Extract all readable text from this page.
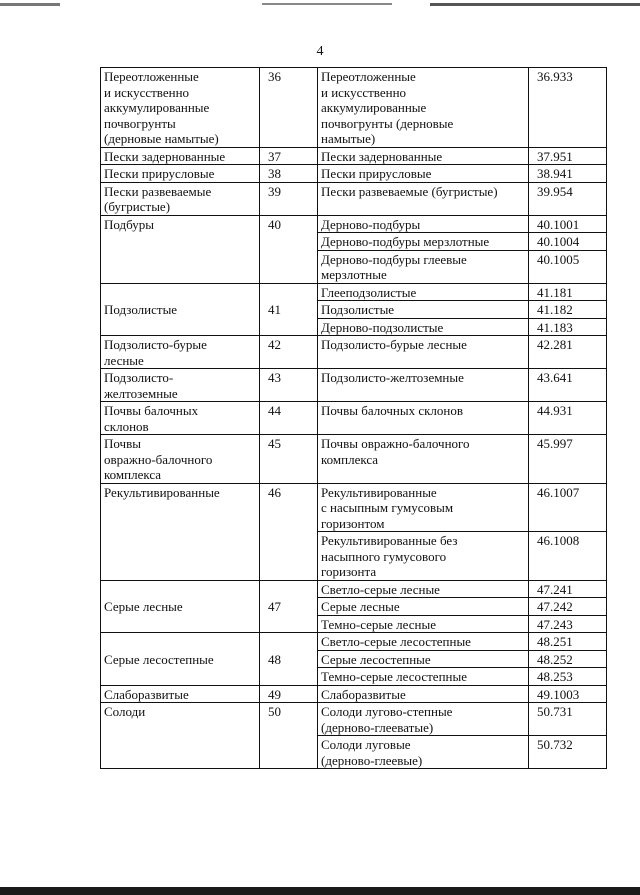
4
Переотложенные
и искусственно
аккумулированные
почвогрунты
(дерновые намытые)	36	Переотложенные
и искусственно
аккумулированные
почвогрунты (дерновые
намытые)	36.933
Пески задернованные	37	Пески задернованные	37.951
Пески прирусловые	38	Пески прирусловые	38.941
Пески развеваемые
(бугристые)	39	Пески развеваемые (бугристые)	39.954
Подбуры	40	Дерново-подбуры	40.1001
		Дерново-подбуры мерзлотные	40.1004
		Дерново-подбуры глеевые
мерзлотные	40.1005
Подзолистые	41	Глееподзолистые	41.181
		Подзолистые	41.182
		Дерново-подзолистые	41.183
Подзолисто-бурые
лесные	42	Подзолисто-бурые лесные	42.281
Подзолисто-
желтоземные	43	Подзолисто-желтоземные	43.641
Почвы балочных
склонов	44	Почвы балочных склонов	44.931
Почвы
овражно-балочного
комплекса	45	Почвы овражно-балочного
комплекса	45.997
Рекультивированные	46	Рекультивированные
с насыпным гумусовым
горизонтом	46.1007
		Рекультивированные без
насыпного гумусового
горизонта	46.1008
Серые лесные	47	Светло-серые лесные	47.241
		Серые лесные	47.242
		Темно-серые лесные	47.243
Серые лесостепные	48	Светло-серые лесостепные	48.251
		Серые лесостепные	48.252
		Темно-серые лесостепные	48.253
Слаборазвитые	49	Слаборазвитые	49.1003
Солоди	50	Солоди лугово-степные
(дерново-глееватые)	50.731
		Солоди луговые
(дерново-глеевые)	50.732
